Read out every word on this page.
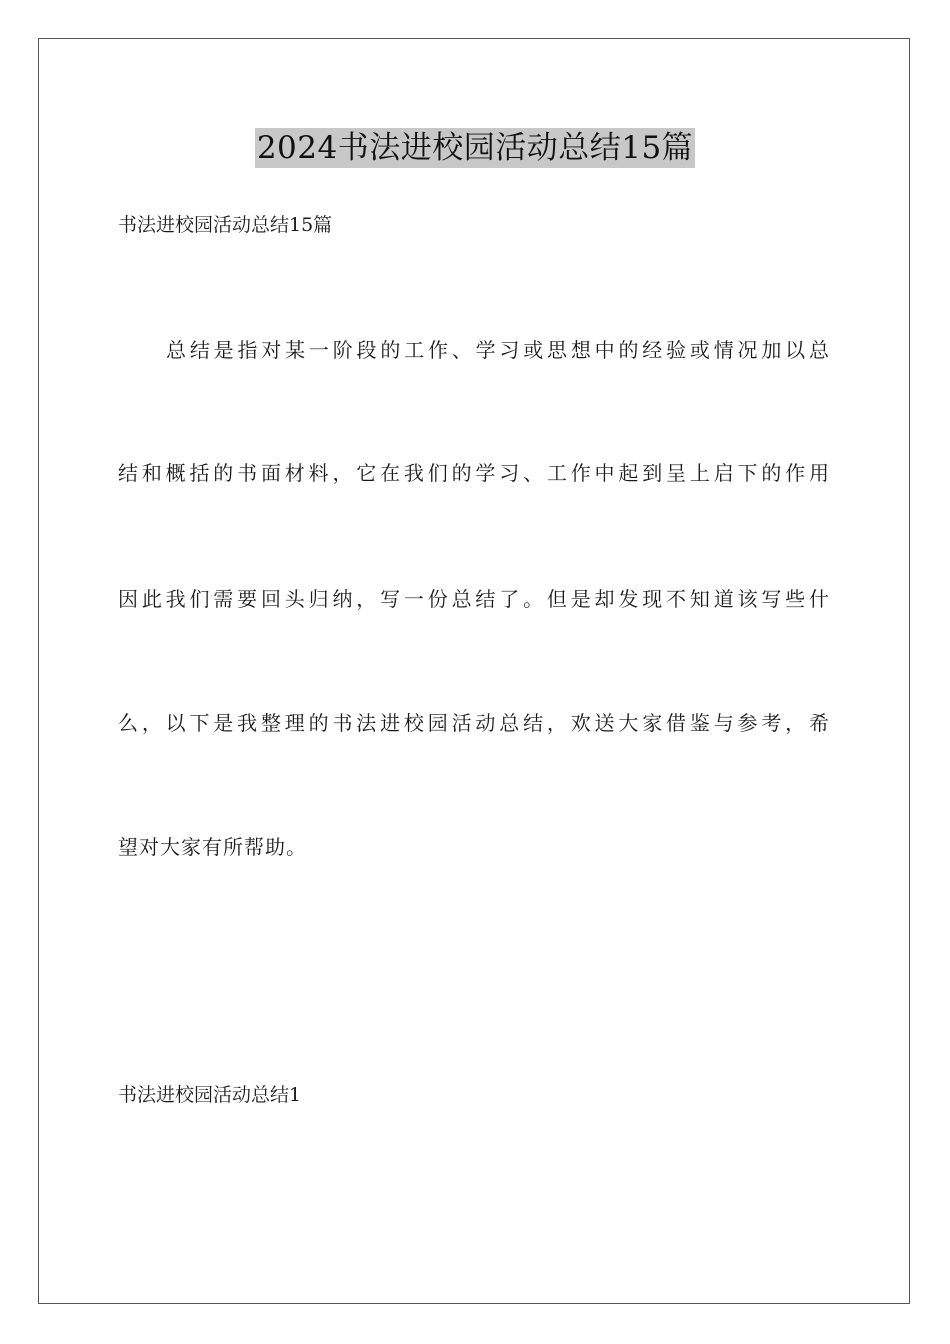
2024书法进校园活动总结15篇
书法进校园活动总结15篇
总结是指对某一阶段的工作、学习或思想中的经验或情况加以总
结和概括的书面材料，它在我们的学习、工作中起到呈上启下的作用
因此我们需要回头归纳，写一份总结了。但是却发现不知道该写些什
么，以下是我整理的书法进校园活动总结，欢送大家借鉴与参考，希
望对大家有所帮助。
书法进校园活动总结1
